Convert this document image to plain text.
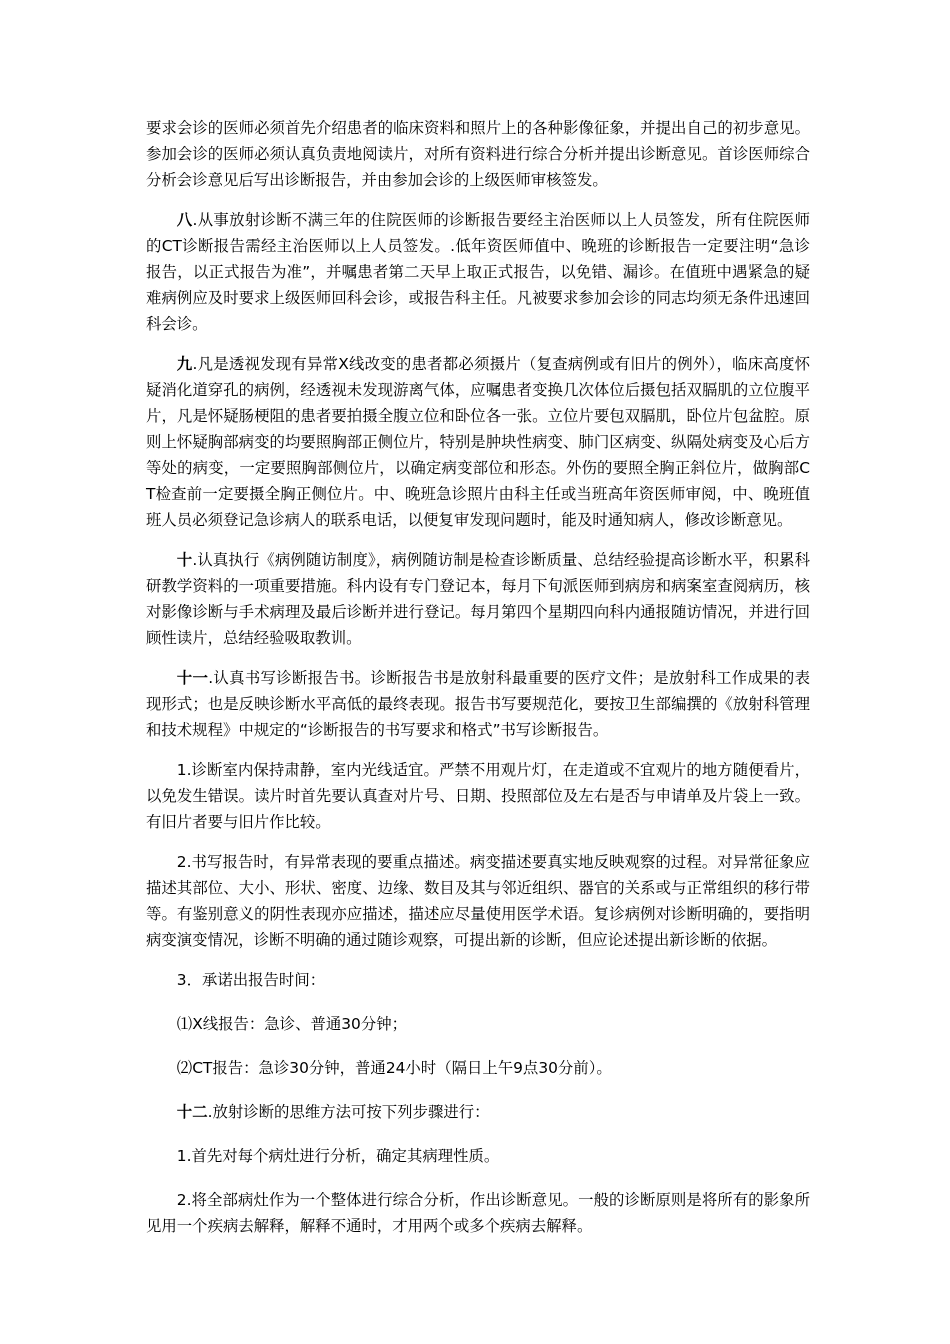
要求会诊的医师必须首先介绍患者的临床资料和照片上的各种影像征象，并提出自己的初步意见。参加会诊的医师必须认真负责地阅读片，对所有资料进行综合分析并提出诊断意见。首诊医师综合分析会诊意见后写出诊断报告，并由参加会诊的上级医师审核签发。

八.从事放射诊断不满三年的住院医师的诊断报告要经主治医师以上人员签发，所有住院医师的CT诊断报告需经主治医师以上人员签发。.低年资医师值中、晚班的诊断报告一定要注明“急诊报告，以正式报告为准”，并嘱患者第二天早上取正式报告，以免错、漏诊。在值班中遇紧急的疑难病例应及时要求上级医师回科会诊，或报告科主任。凡被要求参加会诊的同志均须无条件迅速回科会诊。

九.凡是透视发现有异常X线改变的患者都必须摄片（复查病例或有旧片的例外），临床高度怀疑消化道穿孔的病例，经透视未发现游离气体，应嘱患者变换几次体位后摄包括双膈肌的立位腹平片，凡是怀疑肠梗阻的患者要拍摄全腹立位和卧位各一张。立位片要包双膈肌，卧位片包盆腔。原则上怀疑胸部病变的均要照胸部正侧位片，特别是肿块性病变、肺门区病变、纵隔处病变及心后方等处的病变，一定要照胸部侧位片，以确定病变部位和形态。外伤的要照全胸正斜位片，做胸部CT检查前一定要摄全胸正侧位片。中、晚班急诊照片由科主任或当班高年资医师审阅，中、晚班值班人员必须登记急诊病人的联系电话，以便复审发现问题时，能及时通知病人，修改诊断意见。

十.认真执行《病例随访制度》，病例随访制是检查诊断质量、总结经验提高诊断水平，积累科研教学资料的一项重要措施。科内设有专门登记本，每月下旬派医师到病房和病案室查阅病历，核对影像诊断与手术病理及最后诊断并进行登记。每月第四个星期四向科内通报随访情况，并进行回顾性读片，总结经验吸取教训。

十一.认真书写诊断报告书。诊断报告书是放射科最重要的医疗文件；是放射科工作成果的表现形式；也是反映诊断水平高低的最终表现。报告书写要规范化，要按卫生部编撰的《放射科管理和技术规程》中规定的“诊断报告的书写要求和格式”书写诊断报告。

1.诊断室内保持肃静，室内光线适宜。严禁不用观片灯，在走道或不宜观片的地方随便看片，以免发生错误。读片时首先要认真查对片号、日期、投照部位及左右是否与申请单及片袋上一致。有旧片者要与旧片作比较。

2.书写报告时，有异常表现的要重点描述。病变描述要真实地反映观察的过程。对异常征象应描述其部位、大小、形状、密度、边缘、数目及其与邻近组织、器官的关系或与正常组织的移行带等。有鉴别意义的阴性表现亦应描述，描述应尽量使用医学术语。复诊病例对诊断明确的，要指明病变演变情况，诊断不明确的通过随诊观察，可提出新的诊断，但应论述提出新诊断的依据。

3．承诺出报告时间：

⑴X线报告：急诊、普通30分钟；

⑵CT报告：急诊30分钟，普通24小时（隔日上午9点30分前）。

十二.放射诊断的思维方法可按下列步骤进行：

1.首先对每个病灶进行分析，确定其病理性质。

2.将全部病灶作为一个整体进行综合分析，作出诊断意见。一般的诊断原则是将所有的影象所见用一个疾病去解释，解释不通时，才用两个或多个疾病去解释。
